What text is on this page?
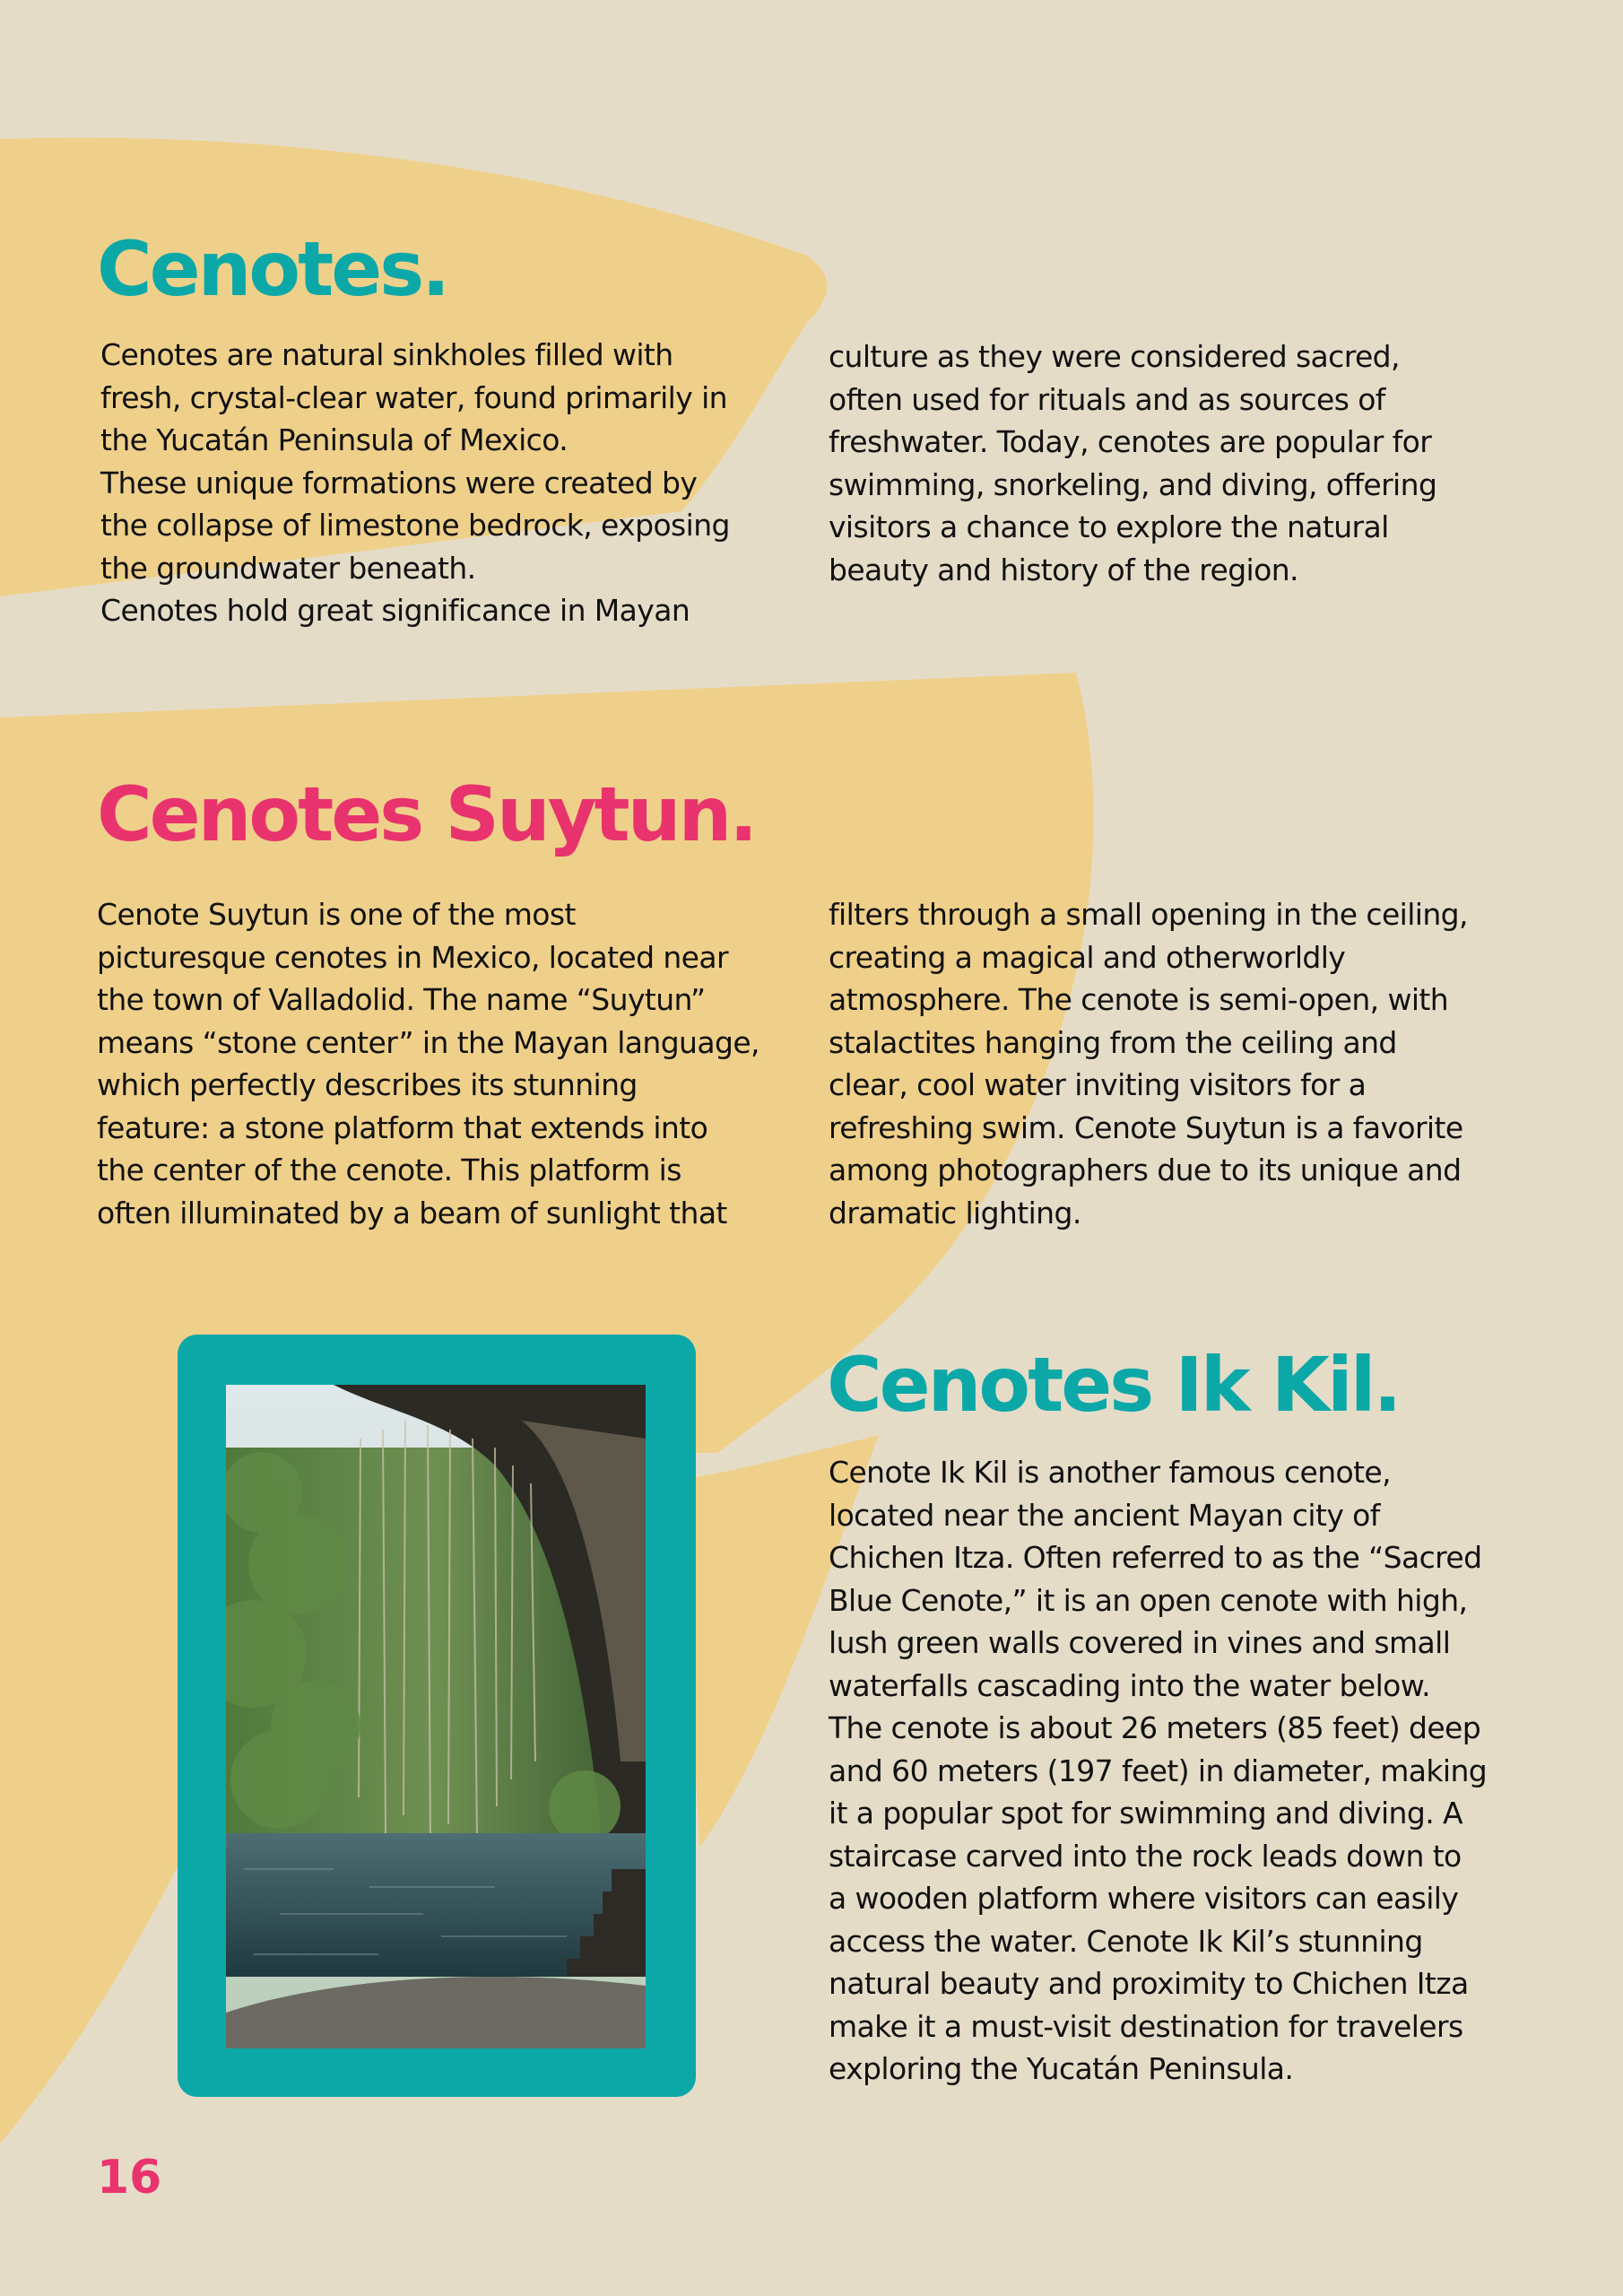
Cenotes.

Cenotes are natural sinkholes filled with
fresh, crystal-clear water, found primarily in
the Yucatán Peninsula of Mexico.
These unique formations were created by
the collapse of limestone bedrock, exposing
the groundwater beneath.
Cenotes hold great significance in Mayan

culture as they were considered sacred,
often used for rituals and as sources of
freshwater. Today, cenotes are popular for
swimming, snorkeling, and diving, offering
visitors a chance to explore the natural
beauty and history of the region.

Cenotes Suytun.

Cenote Suytun is one of the most
picturesque cenotes in Mexico, located near
the town of Valladolid. The name “Suytun”
means “stone center” in the Mayan language,
which perfectly describes its stunning
feature: a stone platform that extends into
the center of the cenote. This platform is
often illuminated by a beam of sunlight that

filters through a small opening in the ceiling,
creating a magical and otherworldly
atmosphere. The cenote is semi-open, with
stalactites hanging from the ceiling and
clear, cool water inviting visitors for a
refreshing swim. Cenote Suytun is a favorite
among photographers due to its unique and
dramatic lighting.

Cenotes Ik Kil.

Cenote Ik Kil is another famous cenote,
located near the ancient Mayan city of
Chichen Itza. Often referred to as the “Sacred
Blue Cenote,” it is an open cenote with high,
lush green walls covered in vines and small
waterfalls cascading into the water below.
The cenote is about 26 meters (85 feet) deep
and 60 meters (197 feet) in diameter, making
it a popular spot for swimming and diving. A
staircase carved into the rock leads down to
a wooden platform where visitors can easily
access the water. Cenote Ik Kil’s stunning
natural beauty and proximity to Chichen Itza
make it a must-visit destination for travelers
exploring the Yucatán Peninsula.

16
